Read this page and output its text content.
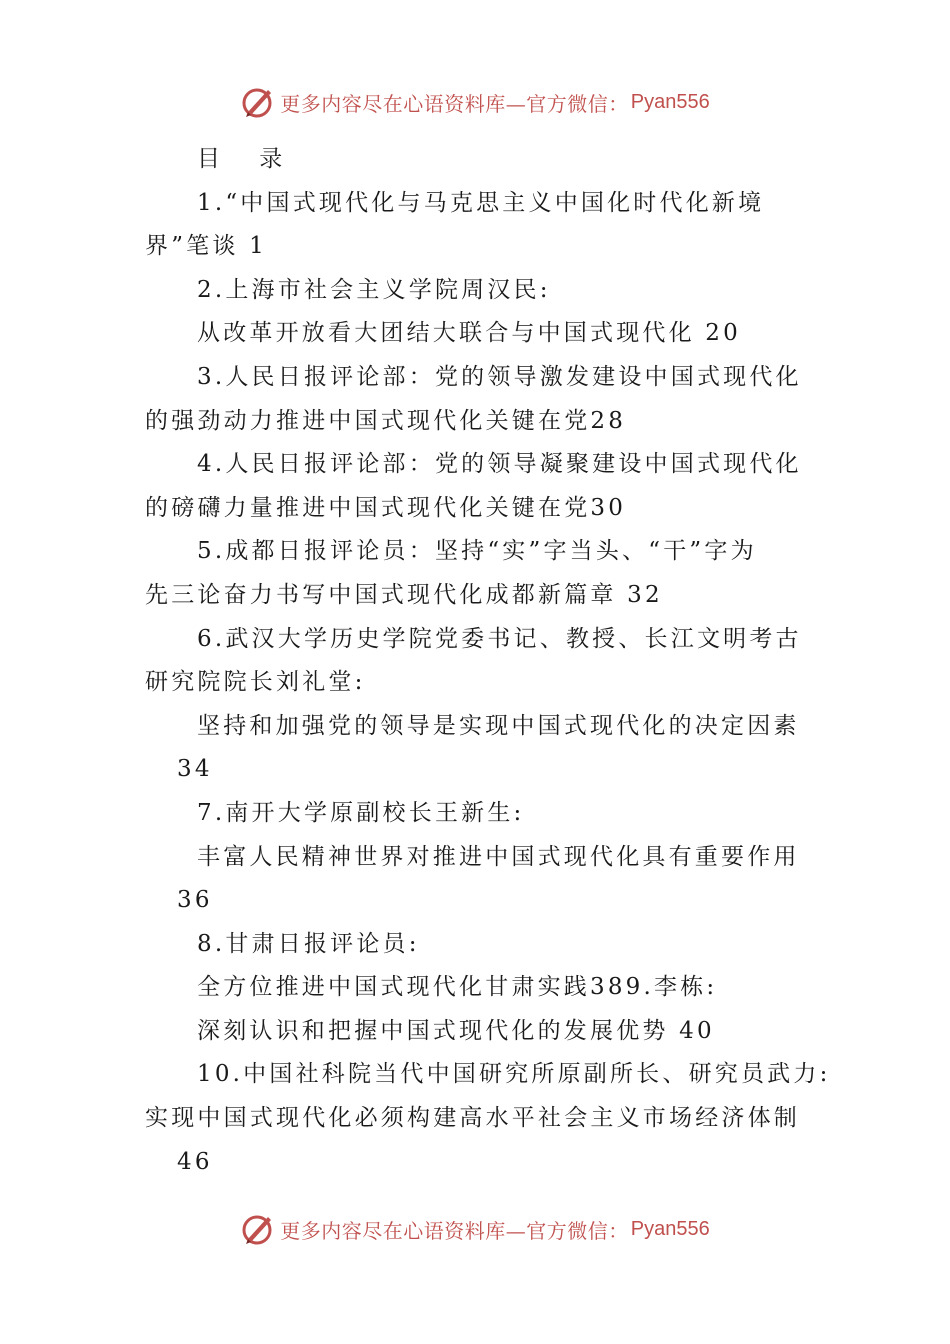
更多内容尽在心语资料库—官方微信： Pyan556

目 录

1.“中国式现代化与马克思主义中国化时代化新境

界”笔谈 1

2.上海市社会主义学院周汉民:

从改革开放看大团结大联合与中国式现代化 20

3.人民日报评论部：党的领导激发建设中国式现代化

的强劲动力推进中国式现代化关键在党28

4.人民日报评论部：党的领导凝聚建设中国式现代化

的磅礴力量推进中国式现代化关键在党30

5.成都日报评论员：坚持“实”字当头、“干”字为

先三论奋力书写中国式现代化成都新篇章 32

6.武汉大学历史学院党委书记、教授、长江文明考古

研究院院长刘礼堂:

坚持和加强党的领导是实现中国式现代化的决定因素

34

7.南开大学原副校长王新生:

丰富人民精神世界对推进中国式现代化具有重要作用

36

8.甘肃日报评论员:

全方位推进中国式现代化甘肃实践389.李栋:

深刻认识和把握中国式现代化的发展优势 40

10.中国社科院当代中国研究所原副所长、研究员武力:

实现中国式现代化必须构建高水平社会主义市场经济体制

46

更多内容尽在心语资料库—官方微信： Pyan556
